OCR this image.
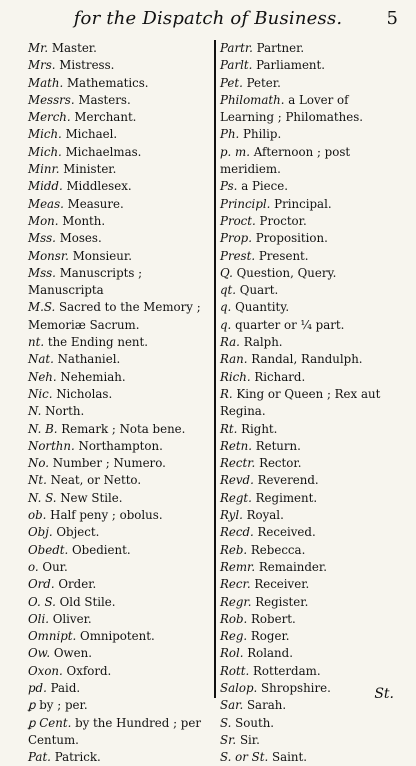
for the Dispatch of Business.	5
Mr. Master.
Mrs. Mistress.
Math. Mathematics.
Messrs. Masters.
Merch. Merchant.
Mich. Michael.
Mich. Michaelmas.
Minr. Minister.
Midd. Middlesex.
Meas. Measure.
Mon. Month.
Mss. Moses.
Monsr. Monsieur.
Mss. Manuscripts ; Manuscripta
M.S. Sacred to the Memory ; Memoriæ Sacrum.
nt. the Ending nent.
Nat. Nathaniel.
Neh. Nehemiah.
Nic. Nicholas.
N. North.
N. B. Remark ; Nota bene.
Northn. Northampton.
No. Number ; Numero.
Nt. Neat, or Netto.
N. S. New Stile.
ob. Half peny ; obolus.
Obj. Object.
Obedt. Obedient.
o. Our.
Ord. Order.
O. S. Old Stile.
Oli. Oliver.
Omnipt. Omnipotent.
Ow. Owen.
Oxon. Oxford.
pd. Paid.
ꝑ by ; per.
ꝑ Cent. by the Hundred ; per Centum.
Pat. Patrick.
Partr. Partner.
Parlt. Parliament.
Pet. Peter.
Philomath. a Lover of Learning ; Philomathes.
Ph. Philip.
p. m. Afternoon ; post meridiem.
Ps. a Piece.
Principl. Principal.
Proct. Proctor.
Prop. Proposition.
Prest. Present.
Q. Question, Query.
qt. Quart.
q. Quantity.
q. quarter or ¼ part.
Ra. Ralph.
Ran. Randal, Randulph.
Rich. Richard.
R. King or Queen ; Rex aut Regina.
Rt. Right.
Retn. Return.
Rectr. Rector.
Revd. Reverend.
Regt. Regiment.
Ryl. Royal.
Recd. Received.
Reb. Rebecca.
Remr. Remainder.
Recr. Receiver.
Regr. Register.
Rob. Robert.
Reg. Roger.
Rol. Roland.
Rott. Rotterdam.
Salop. Shropshire.
Sar. Sarah.
S. South.
Sr. Sir.
S. or St. Saint.
St.
